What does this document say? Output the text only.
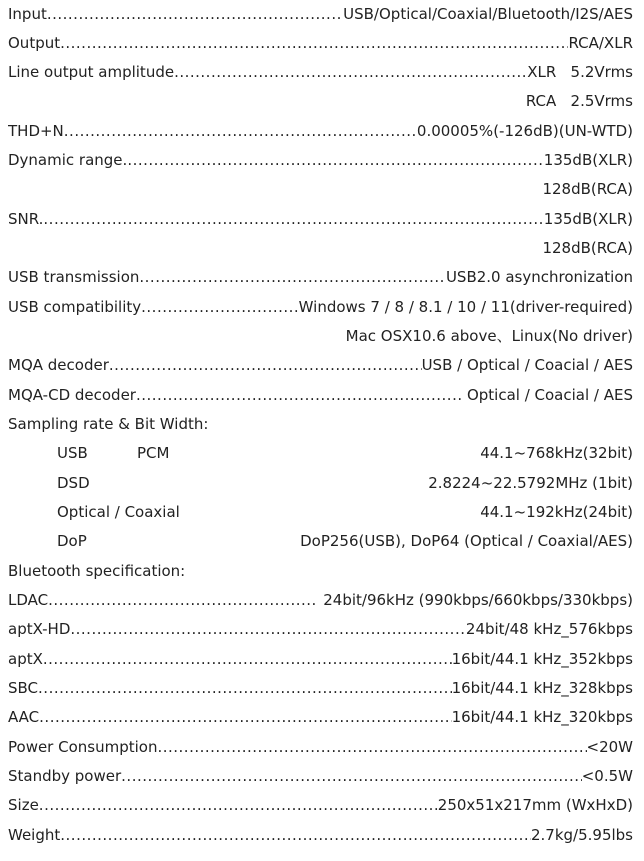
Input .....	USB/Optical/Coaxial/Bluetooth/I2S/AES
Output .....	RCA/XLR
Line output amplitude .....	XLR   5.2Vrms
RCA   2.5Vrms
THD+N .....	0.00005%(-126dB)(UN-WTD)
Dynamic range. .....	135dB(XLR)
128dB(RCA)
SNR. .....	135dB(XLR)
128dB(RCA)
USB transmission .....	USB2.0 asynchronization
USB compatibility .....	Windows 7 / 8 / 8.1 / 10 / 11(driver-required)
Mac OSX10.6 above、Linux(No driver)
MQA decoder .....	USB / Optical / Coacial / AES
MQA-CD decoder .....	Optical / Coacial / AES
Sampling rate & Bit Width:
USB	PCM	44.1~768kHz(32bit)
DSD	2.8224~22.5792MHz (1bit)
Optical / Coaxial	44.1~192kHz(24bit)
DoP	DoP256(USB), DoP64 (Optical / Coaxial/AES)
Bluetooth specification:
LDAC .....	24bit/96kHz (990kbps/660kbps/330kbps)
aptX-HD .....	24bit/48 kHz_576kbps
aptX .....	16bit/44.1 kHz_352kbps
SBC .....	16bit/44.1 kHz_328kbps
AAC .....	16bit/44.1 kHz_320kbps
Power Consumption .....	<20W
Standby power .....	<0.5W
Size .....	250x51x217mm (WxHxD)
Weight .....	2.7kg/5.95lbs
